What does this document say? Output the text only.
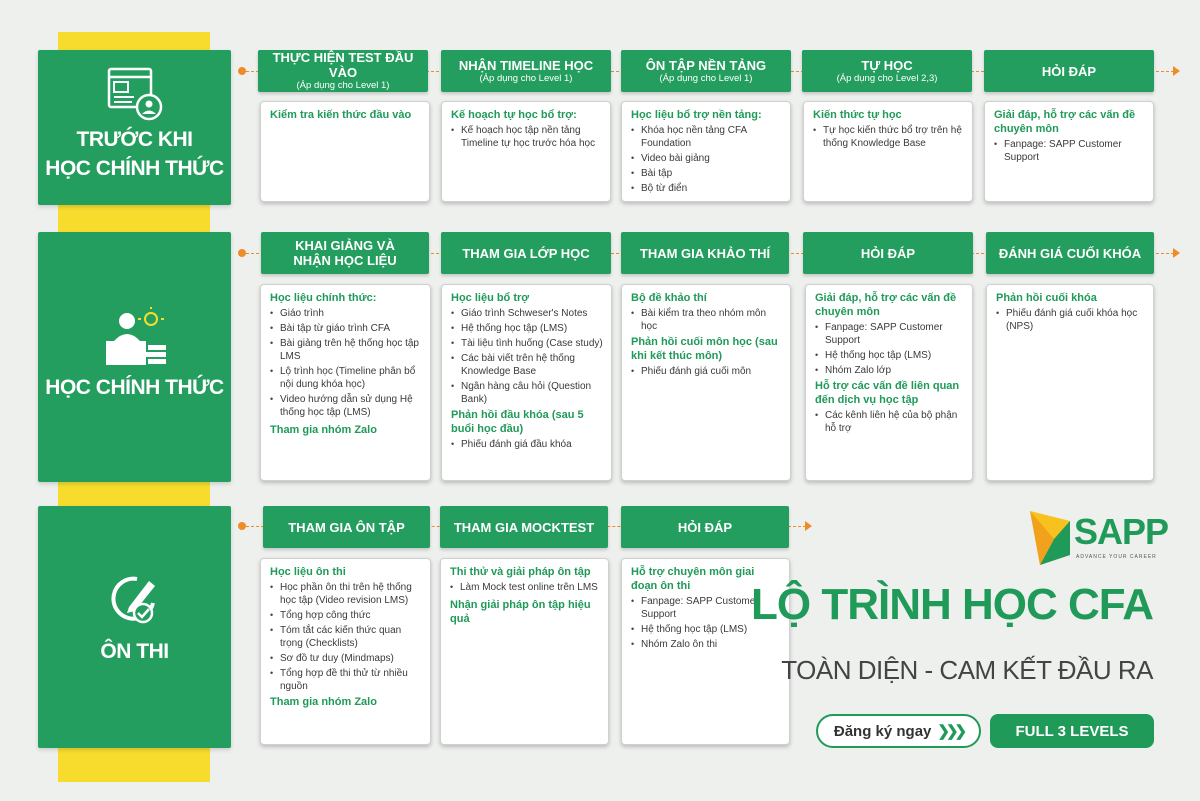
TRƯỚC KHI
HỌC CHÍNH THỨC
HỌC CHÍNH THỨC
ÔN THI
THỰC HIỆN TEST ĐẦU VÀO
(Áp dụng cho Level 1)
NHẬN TIMELINE HỌC
(Áp dụng cho Level 1)
ÔN TẬP NỀN TẢNG
(Áp dụng cho Level 1)
TỰ HỌC
(Áp dụng cho Level 2,3)	HỎI ĐÁP
Kiểm tra kiến thức đầu vào	Kế hoạch tự học bổ trợ:
• Kế hoạch học tập nền tảng Timeline tự học trước hóa học
Học liệu bổ trợ nền tảng:
• Khóa học nền tảng CFA Foundation
• Video bài giảng
• Bài tập
• Bộ từ điển
Kiến thức tự học
• Tự học kiến thức bổ trợ trên hệ thống Knowledge Base
Giải đáp, hỗ trợ các vấn đề chuyên môn
• Fanpage: SAPP Customer Support
KHAI GIẢNG VÀ NHẬN HỌC LIỆU	THAM GIA LỚP HỌC	THAM GIA KHẢO THÍ	HỎI ĐÁP	ĐÁNH GIÁ CUỐI KHÓA
Học liệu chính thức:
• Giáo trình
• Bài tập từ giáo trình CFA
• Bài giảng trên hệ thống học tập LMS
• Lộ trình học (Timeline phân bổ nội dung khóa học)
• Video hướng dẫn sử dụng Hệ thống học tập (LMS)
Tham gia nhóm Zalo
Học liệu bổ trợ
• Giáo trình Schweser's Notes
• Hệ thống học tập (LMS)
• Tài liệu tình huống (Case study)
• Các bài viết trên hệ thống Knowledge Base
• Ngân hàng câu hỏi (Question Bank)
Phản hồi đầu khóa (sau 5 buổi học đầu)
• Phiếu đánh giá đầu khóa
Bộ đề khảo thí
• Bài kiểm tra theo nhóm môn học
Phản hồi cuối môn học (sau khi kết thúc môn)
• Phiếu đánh giá cuối môn
Giải đáp, hỗ trợ các vấn đề chuyên môn
• Fanpage: SAPP Customer Support
• Hệ thống học tập (LMS)
• Nhóm Zalo lớp
Hỗ trợ các vấn đề liên quan đến dịch vụ học tập
• Các kênh liên hệ của bộ phận hỗ trợ
Phản hồi cuối khóa
• Phiếu đánh giá cuối khóa học (NPS)
THAM GIA ÔN TẬP	THAM GIA MOCKTEST	HỎI ĐÁP
Học liệu ôn thi
• Học phần ôn thi trên hệ thống học tập (Video revision LMS)
• Tổng hợp công thức
• Tóm tắt các kiến thức quan trọng (Checklists)
• Sơ đồ tư duy (Mindmaps)
• Tổng hợp đề thi thử từ nhiều nguồn
Tham gia nhóm Zalo
Thi thử và giải pháp ôn tập
• Làm Mock test online trên LMS
Nhận giải pháp ôn tập hiệu quả
Hỗ trợ chuyên môn giai đoạn ôn thi
• Fanpage: SAPP Customer Support
• Hệ thống học tập (LMS)
• Nhóm Zalo ôn thi
SAPP
ADVANCE YOUR CAREER
LỘ TRÌNH HỌC CFA
TOÀN DIỆN - CAM KẾT ĐẦU RA
Đăng ký ngay ❯❯❯	FULL 3 LEVELS
